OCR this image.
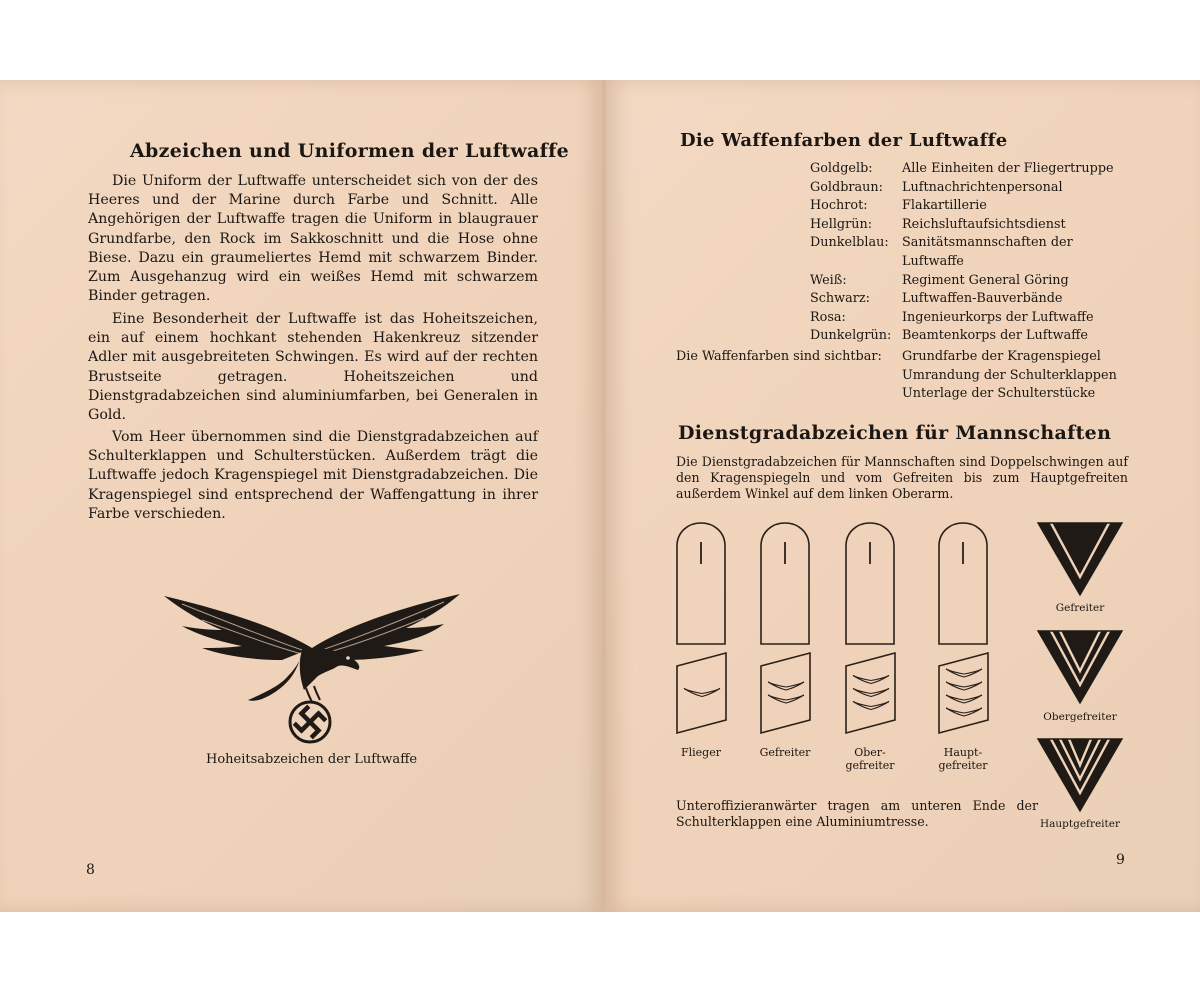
Abzeichen und Uniformen der Luftwaffe

Die Uniform der Luftwaffe unterscheidet sich von der des Heeres und der Marine durch Farbe und Schnitt. Alle Angehörigen der Luftwaffe tragen die Uniform in blaugrauer Grundfarbe, den Rock im Sakkoschnitt und die Hose ohne Biese. Dazu ein graumeliertes Hemd mit schwarzem Binder. Zum Ausgehanzug wird ein weißes Hemd mit schwarzem Binder getragen.

Eine Besonderheit der Luftwaffe ist das Hoheitszeichen, ein auf einem hochkant stehenden Hakenkreuz sitzender Adler mit ausgebreiteten Schwingen. Es wird auf der rechten Brustseite getragen. Hoheitszeichen und Dienstgradabzeichen sind aluminiumfarben, bei Generalen in Gold.

Vom Heer übernommen sind die Dienstgradabzeichen auf Schulterklappen und Schulterstücken. Außerdem trägt die Luftwaffe jedoch Kragenspiegel mit Dienstgradabzeichen. Die Kragenspiegel sind entsprechend der Waffengattung in ihrer Farbe verschieden.

Hoheitsabzeichen der Luftwaffe
8
Die Waffenfarben der Luftwaffe
Goldgelb:	Alle Einheiten der Fliegertruppe
Goldbraun:	Luftnachrichtenpersonal
Hochrot:	Flakartillerie
Hellgrün:	Reichsluftaufsichtsdienst
Dunkelblau:	Sanitätsmannschaften der Luftwaffe
Weiß:	Regiment General Göring
Schwarz:	Luftwaffen-Bauverbände
Rosa:	Ingenieurkorps der Luftwaffe
Dunkelgrün: Beamtenkorps der Luftwaffe
Die Waffenfarben sind sichtbar:	Grundfarbe der Kragenspiegel
Umrandung der Schulterklappen
Unterlage der Schulterstücke
Dienstgradabzeichen für Mannschaften

Die Dienstgradabzeichen für Mannschaften sind Doppelschwingen auf den Kragenspiegeln und vom Gefreiten bis zum Hauptgefreiten außerdem Winkel auf dem linken Oberarm.

Flieger	Gefreiter	Ober-
gefreiter
Haupt-
gefreiter
Gefreiter
Obergefreiter
Hauptgefreiter

Unteroffizieranwärter tragen am unteren Ende der Schulterklappen eine Aluminiumtresse.

9
